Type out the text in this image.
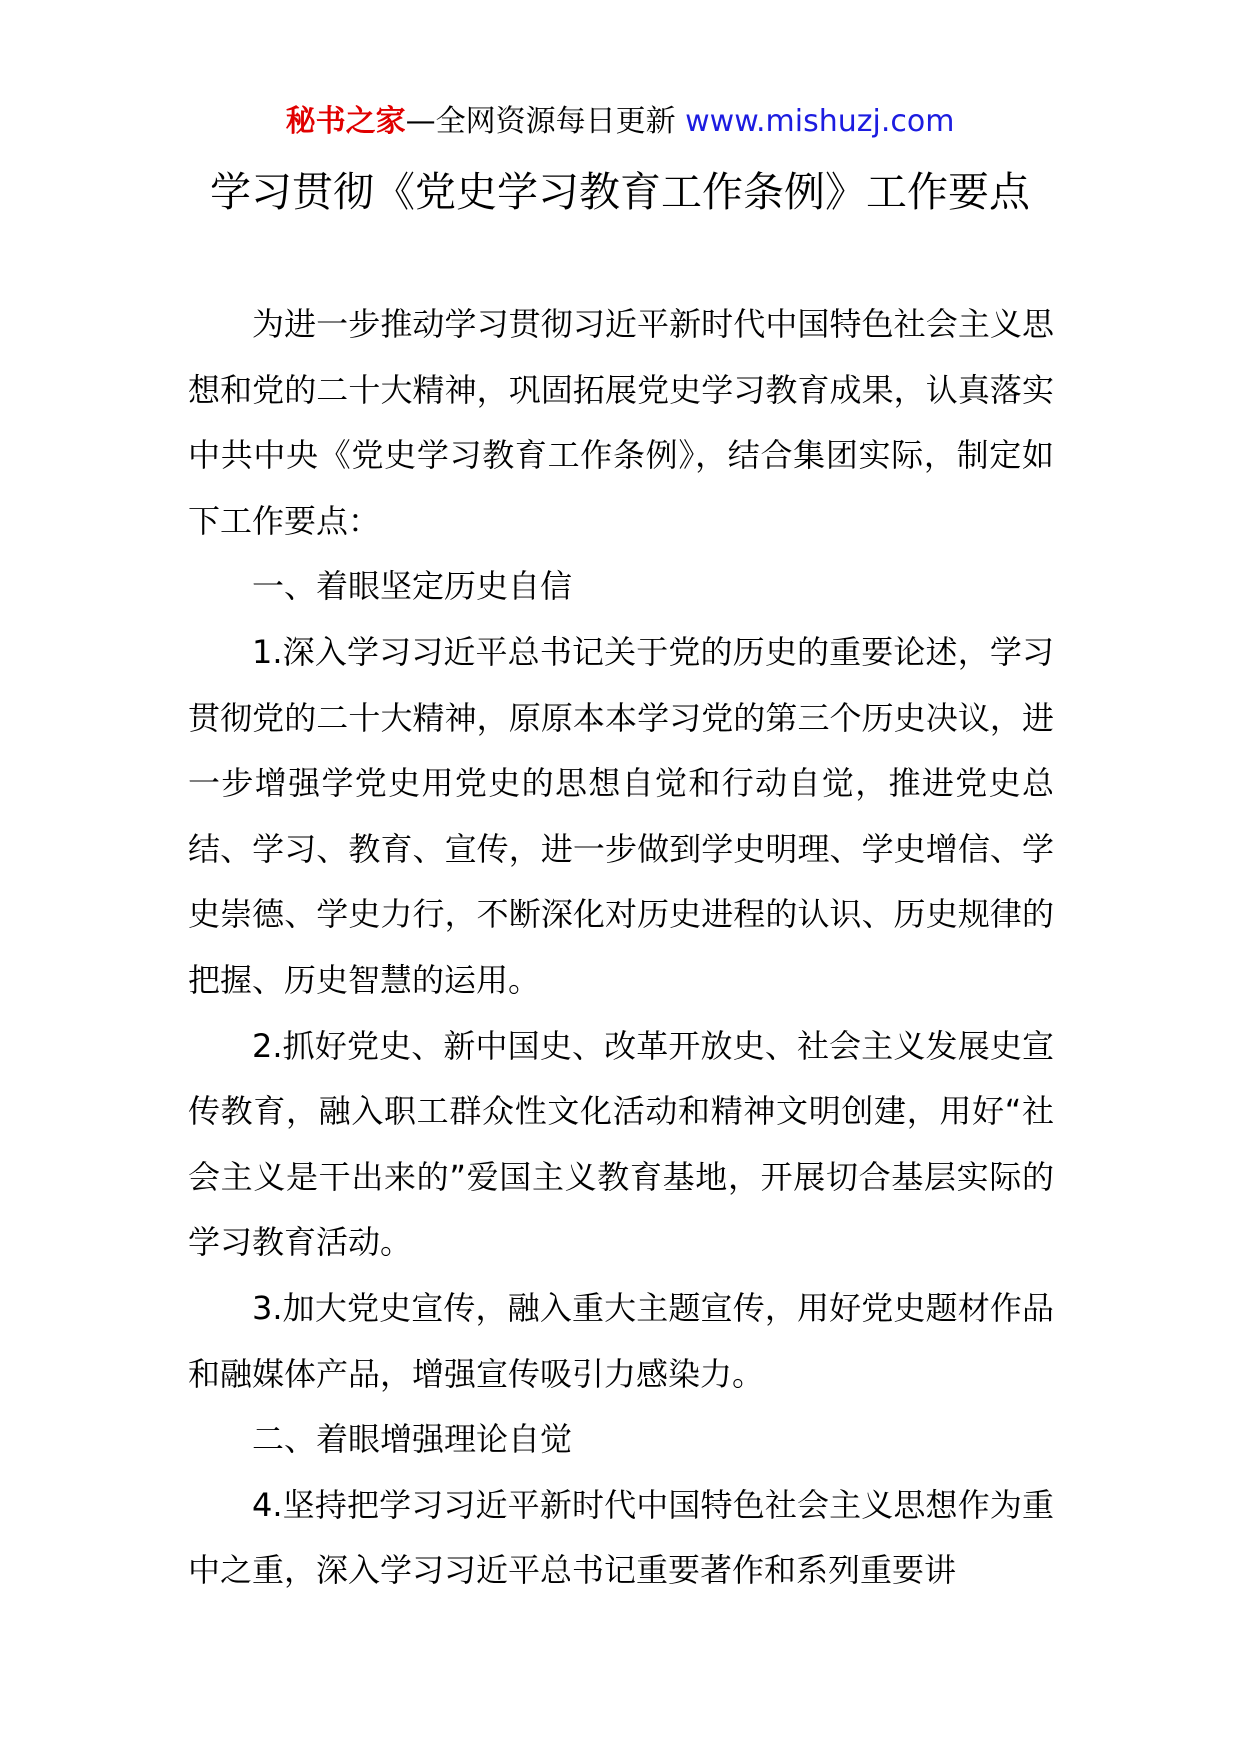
秘书之家—全网资源每日更新 www.mishuzj.com
学习贯彻《党史学习教育工作条例》工作要点

为进一步推动学习贯彻习近平新时代中国特色社会主义思想和党的二十大精神，巩固拓展党史学习教育成果，认真落实中共中央《党史学习教育工作条例》，结合集团实际，制定如下工作要点：

一、着眼坚定历史自信

1.深入学习习近平总书记关于党的历史的重要论述，学习贯彻党的二十大精神，原原本本学习党的第三个历史决议，进一步增强学党史用党史的思想自觉和行动自觉，推进党史总结、学习、教育、宣传，进一步做到学史明理、学史增信、学史崇德、学史力行，不断深化对历史进程的认识、历史规律的把握、历史智慧的运用。

2.抓好党史、新中国史、改革开放史、社会主义发展史宣传教育，融入职工群众性文化活动和精神文明创建，用好“社会主义是干出来的”爱国主义教育基地，开展切合基层实际的学习教育活动。

3.加大党史宣传，融入重大主题宣传，用好党史题材作品和融媒体产品，增强宣传吸引力感染力。

二、着眼增强理论自觉

4.坚持把学习习近平新时代中国特色社会主义思想作为重中之重，深入学习习近平总书记重要著作和系列重要讲
